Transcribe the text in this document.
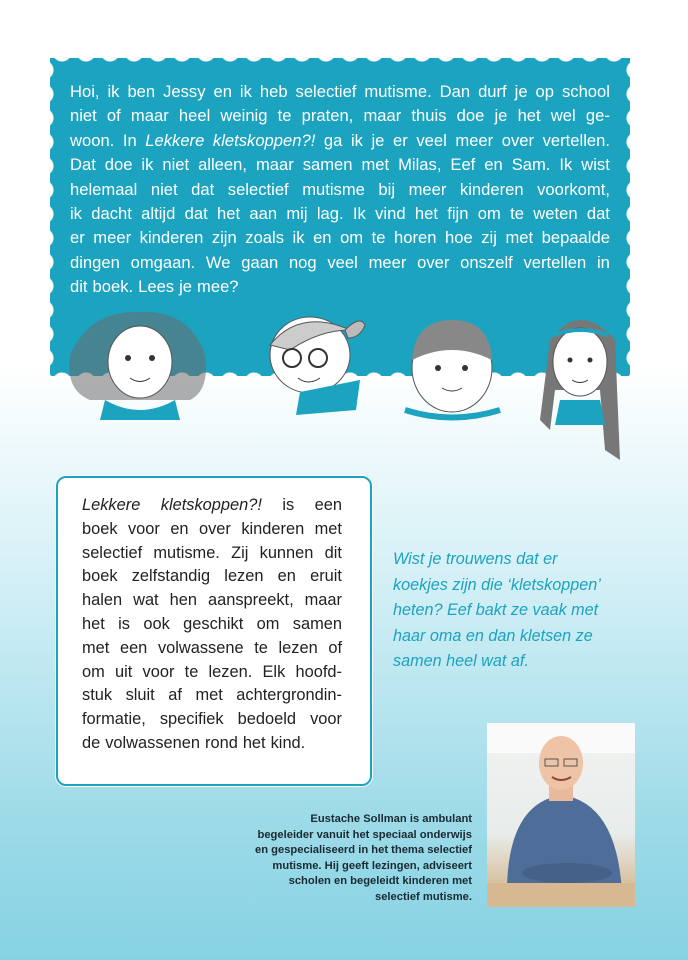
Hoi, ik ben Jessy en ik heb selectief mutisme. Dan durf je op school
niet of maar heel weinig te praten, maar thuis doe je het wel ge-
woon. In Lekkere kletskoppen?! ga ik je er veel meer over vertellen.
Dat doe ik niet alleen, maar samen met Milas, Eef en Sam. Ik wist
helemaal niet dat selectief mutisme bij meer kinderen voorkomt,
ik dacht altijd dat het aan mij lag. Ik vind het fijn om te weten dat
er meer kinderen zijn zoals ik en om te horen hoe zij met bepaalde
dingen omgaan. We gaan nog veel meer over onszelf vertellen in
dit boek. Lees je mee?
Lekkere kletskoppen?! is een
boek voor en over kinderen met
selectief mutisme. Zij kunnen dit
boek zelfstandig lezen en eruit
halen wat hen aanspreekt, maar
het is ook geschikt om samen
met een volwassene te lezen of
om uit voor te lezen. Elk hoofd-
stuk sluit af met achtergrondin-
formatie, specifiek bedoeld voor
de volwassenen rond het kind.
Wist je trouwens dat er
koekjes zijn die ‘kletskoppen’
heten? Eef bakt ze vaak met
haar oma en dan kletsen ze
samen heel wat af.
Eustache Sollman is ambulant
begeleider vanuit het speciaal onderwijs
en gespecialiseerd in het thema selectief
mutisme. Hij geeft lezingen, adviseert
scholen en begeleidt kinderen met
selectief mutisme.
